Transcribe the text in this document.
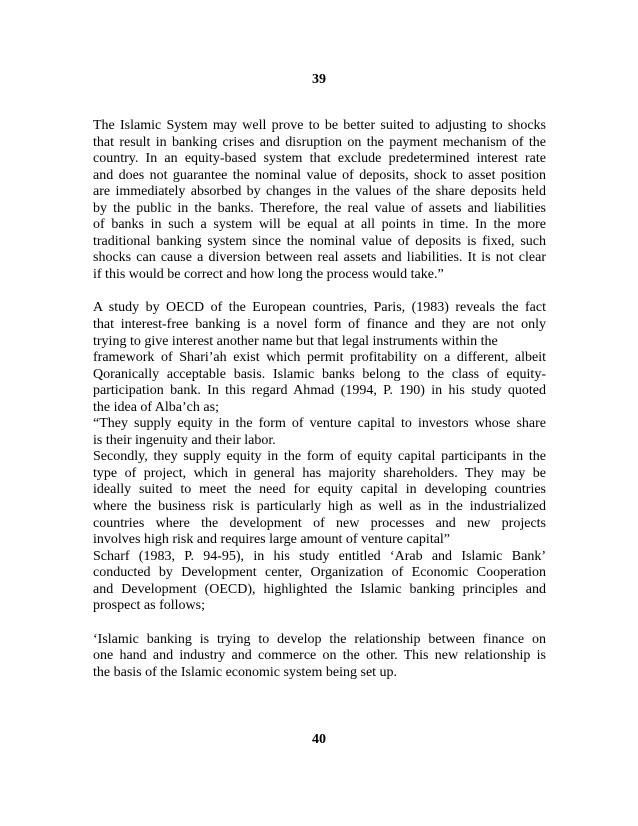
39
The Islamic System may well prove to be better suited to adjusting to shocks
that result in banking crises and disruption on the payment mechanism of the
country. In an equity-based system that exclude predetermined interest rate
and does not guarantee the nominal value of deposits, shock to asset position
are immediately absorbed by changes in the values of the share deposits held
by the public in the banks. Therefore, the real value of assets and liabilities
of banks in such a system will be equal at all points in time. In the more
traditional banking system since the nominal value of deposits is fixed, such
shocks can cause a diversion between real assets and liabilities. It is not clear
if this would be correct and how long the process would take.”
A study by OECD of the European countries, Paris, (1983) reveals the fact
that interest-free banking is a novel form of finance and they are not only
trying to give interest another name but that legal instruments within the
framework of Shari’ah exist which permit profitability on a different, albeit
Qoranically acceptable basis. Islamic banks belong to the class of equity-
participation bank. In this regard Ahmad (1994, P. 190) in his study quoted
the idea of Alba’ch as;
“They supply equity in the form of venture capital to investors whose share
is their ingenuity and their labor.
Secondly, they supply equity in the form of equity capital participants in the
type of project, which in general has majority shareholders. They may be
ideally suited to meet the need for equity capital in developing countries
where the business risk is particularly high as well as in the industrialized
countries where the development of new processes and new projects
involves high risk and requires large amount of venture capital”
Scharf (1983, P. 94-95), in his study entitled ‘Arab and Islamic Bank’
conducted by Development center, Organization of Economic Cooperation
and Development (OECD), highlighted the Islamic banking principles and
prospect as follows;
‘Islamic banking is trying to develop the relationship between finance on
one hand and industry and commerce on the other. This new relationship is
the basis of the Islamic economic system being set up.
40
